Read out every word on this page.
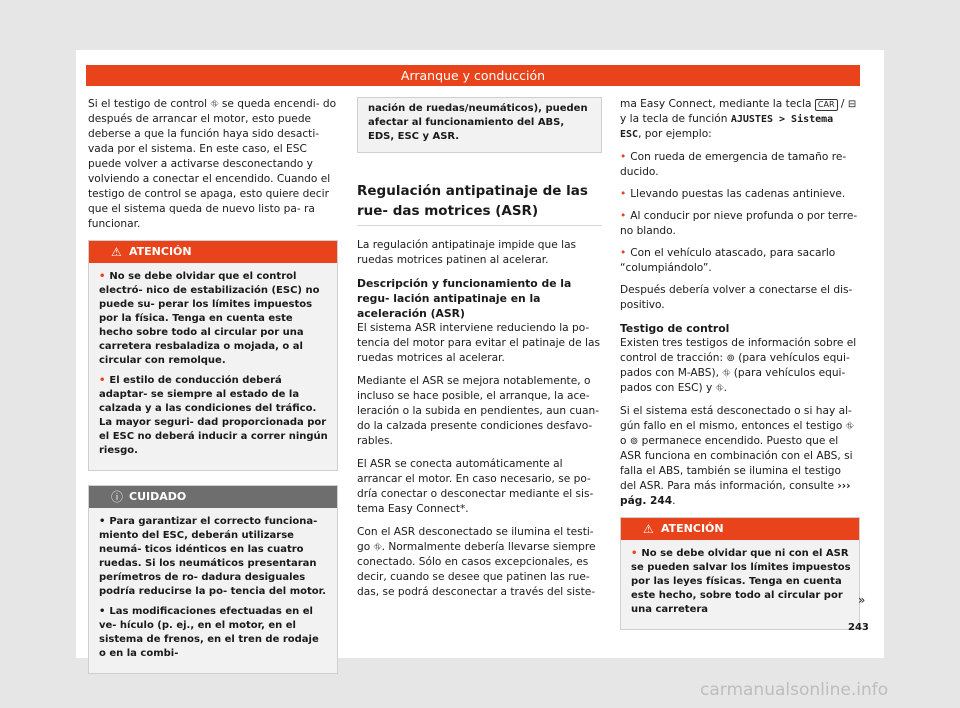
Arranque y conducción

Si el testigo de control ⛗ se queda encendi- do después de arrancar el motor, esto puede deberse a que la función haya sido desacti- vada por el sistema. En este caso, el ESC puede volver a activarse desconectando y volviendo a conectar el encendido. Cuando el testigo de control se apaga, esto quiere decir que el sistema queda de nuevo listo pa- ra funcionar.

⚠ ATENCIÓN

• No se debe olvidar que el control electró- nico de estabilización (ESC) no puede su- perar los límites impuestos por la física. Tenga en cuenta este hecho sobre todo al circular por una carretera resbaladiza o mojada, o al circular con remolque.

• El estilo de conducción deberá adaptar- se siempre al estado de la calzada y a las condiciones del tráfico. La mayor seguri- dad proporcionada por el ESC no deberá inducir a correr ningún riesgo.

ⓘ CUIDADO

• Para garantizar el correcto funciona- miento del ESC, deberán utilizarse neumá- ticos idénticos en las cuatro ruedas. Si los neumáticos presentaran perímetros de ro- dadura desiguales podría reducirse la po- tencia del motor.

• Las modificaciones efectuadas en el ve- hículo (p. ej., en el motor, en el sistema de frenos, en el tren de rodaje o en la combi-

nación de ruedas/neumáticos), pueden afectar al funcionamiento del ABS, EDS, ESC y ASR.

Regulación antipatinaje de las rue- das motrices (ASR)

La regulación antipatinaje impide que las ruedas motrices patinen al acelerar.

Descripción y funcionamiento de la regu- lación antipatinaje en la aceleración (ASR)

El sistema ASR interviene reduciendo la po- tencia del motor para evitar el patinaje de las ruedas motrices al acelerar.

Mediante el ASR se mejora notablemente, o incluso se hace posible, el arranque, la ace- leración o la subida en pendientes, aun cuan- do la calzada presente condiciones desfavo- rables.

El ASR se conecta automáticamente al arrancar el motor. En caso necesario, se po- dría conectar o desconectar mediante el sis- tema Easy Connect*.

Con el ASR desconectado se ilumina el testi- go ⛗. Normalmente debería llevarse siempre conectado. Sólo en casos excepcionales, es decir, cuando se desee que patinen las rue- das, se podrá desconectar a través del siste-

ma Easy Connect, mediante la tecla CAR / ⊟ y la tecla de función AJUSTES > Sistema ESC, por ejemplo:

• Con rueda de emergencia de tamaño re- ducido.

• Llevando puestas las cadenas antinieve.

• Al conducir por nieve profunda o por terre- no blando.

• Con el vehículo atascado, para sacarlo “columpiándolo”.

Después debería volver a conectarse el dis- positivo.

Testigo de control

Existen tres testigos de información sobre el control de tracción: ⊚ (para vehículos equi- pados con M-ABS), ⛗ (para vehículos equi- pados con ESC) y ⛗.

Si el sistema está desconectado o si hay al- gún fallo en el mismo, entonces el testigo ⛗ o ⊚ permanece encendido. Puesto que el ASR funciona en combinación con el ABS, si falla el ABS, también se ilumina el testigo del ASR. Para más información, consulte ››› pág. 244.

⚠ ATENCIÓN

• No se debe olvidar que ni con el ASR se pueden salvar los límites impuestos por las leyes físicas. Tenga en cuenta este hecho, sobre todo al circular por una carretera

»
243
carmanualsonline.info
